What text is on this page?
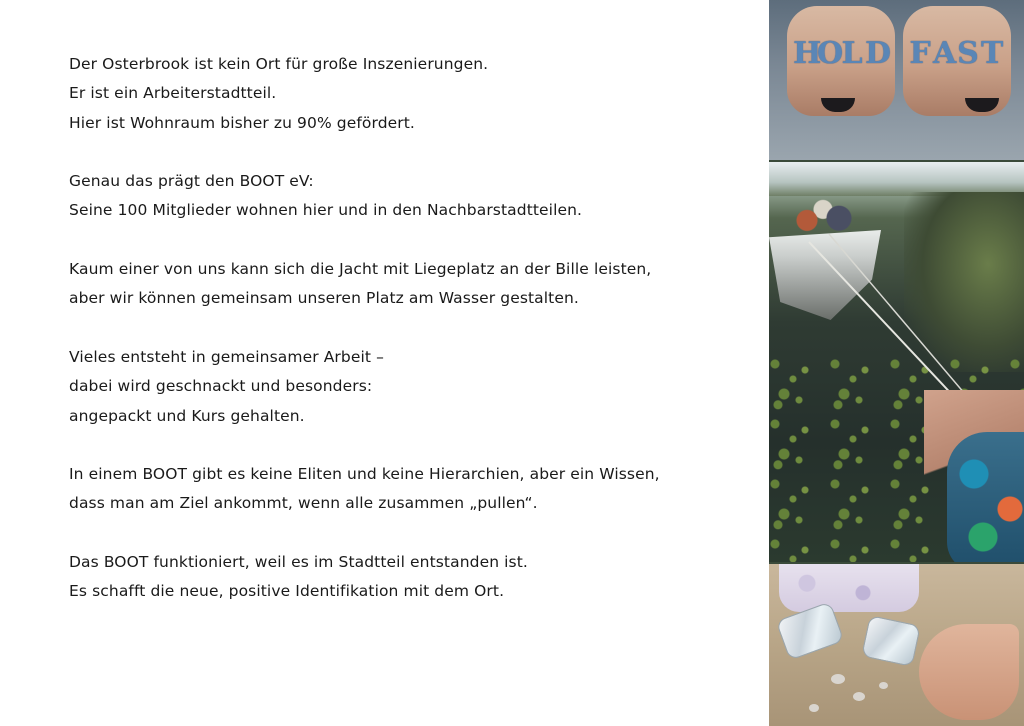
Der Osterbrook ist kein Ort für große Inszenierungen.
Er ist ein Arbeiterstadtteil.
Hier ist Wohnraum bisher zu 90% gefördert.

Genau das prägt den BOOT eV:
Seine 100 Mitglieder wohnen hier und in den Nachbarstadtteilen.

Kaum einer von uns kann sich die Jacht mit Liegeplatz an der Bille leisten,
aber wir können gemeinsam unseren Platz am Wasser gestalten.

Vieles entsteht in gemeinsamer Arbeit –
dabei wird geschnackt und besonders:
angepackt und Kurs gehalten.

In einem BOOT gibt es keine Eliten und keine Hierarchien, aber ein Wissen,
dass man am Ziel ankommt, wenn alle zusammen „pullen“.

Das BOOT funktioniert, weil es im Stadtteil entstanden ist.
Es schafft die neue, positive Identifikation mit dem Ort.

H
O
L D F A S T
